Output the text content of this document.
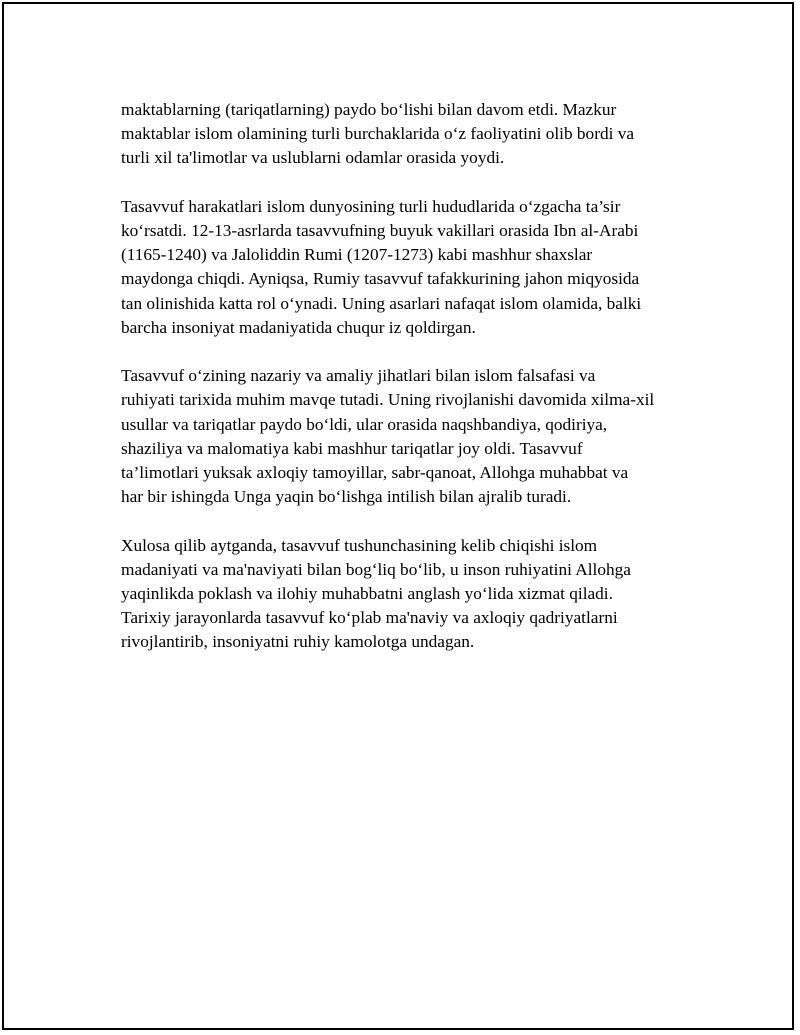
maktablarning (tariqatlarning) paydo bo‘lishi bilan davom etdi. Mazkur
maktablar islom olamining turli burchaklarida o‘z faoliyatini olib bordi va
turli xil ta'limotlar va uslublarni odamlar orasida yoydi.

Tasavvuf harakatlari islom dunyosining turli hududlarida o‘zgacha ta’sir
ko‘rsatdi. 12-13-asrlarda tasavvufning buyuk vakillari orasida Ibn al-Arabi
(1165-1240) va Jaloliddin Rumi (1207-1273) kabi mashhur shaxslar
maydonga chiqdi. Ayniqsa, Rumiy tasavvuf tafakkurining jahon miqyosida
tan olinishida katta rol o‘ynadi. Uning asarlari nafaqat islom olamida, balki
barcha insoniyat madaniyatida chuqur iz qoldirgan.

Tasavvuf o‘zining nazariy va amaliy jihatlari bilan islom falsafasi va
ruhiyati tarixida muhim mavqe tutadi. Uning rivojlanishi davomida xilma-xil
usullar va tariqatlar paydo bo‘ldi, ular orasida naqshbandiya, qodiriya,
shaziliya va malomatiya kabi mashhur tariqatlar joy oldi. Tasavvuf
ta’limotlari yuksak axloqiy tamoyillar, sabr-qanoat, Allohga muhabbat va
har bir ishingda Unga yaqin bo‘lishga intilish bilan ajralib turadi.

Xulosa qilib aytganda, tasavvuf tushunchasining kelib chiqishi islom
madaniyati va ma'naviyati bilan bog‘liq bo‘lib, u inson ruhiyatini Allohga
yaqinlikda poklash va ilohiy muhabbatni anglash yo‘lida xizmat qiladi.
Tarixiy jarayonlarda tasavvuf ko‘plab ma'naviy va axloqiy qadriyatlarni
rivojlantirib, insoniyatni ruhiy kamolotga undagan.
